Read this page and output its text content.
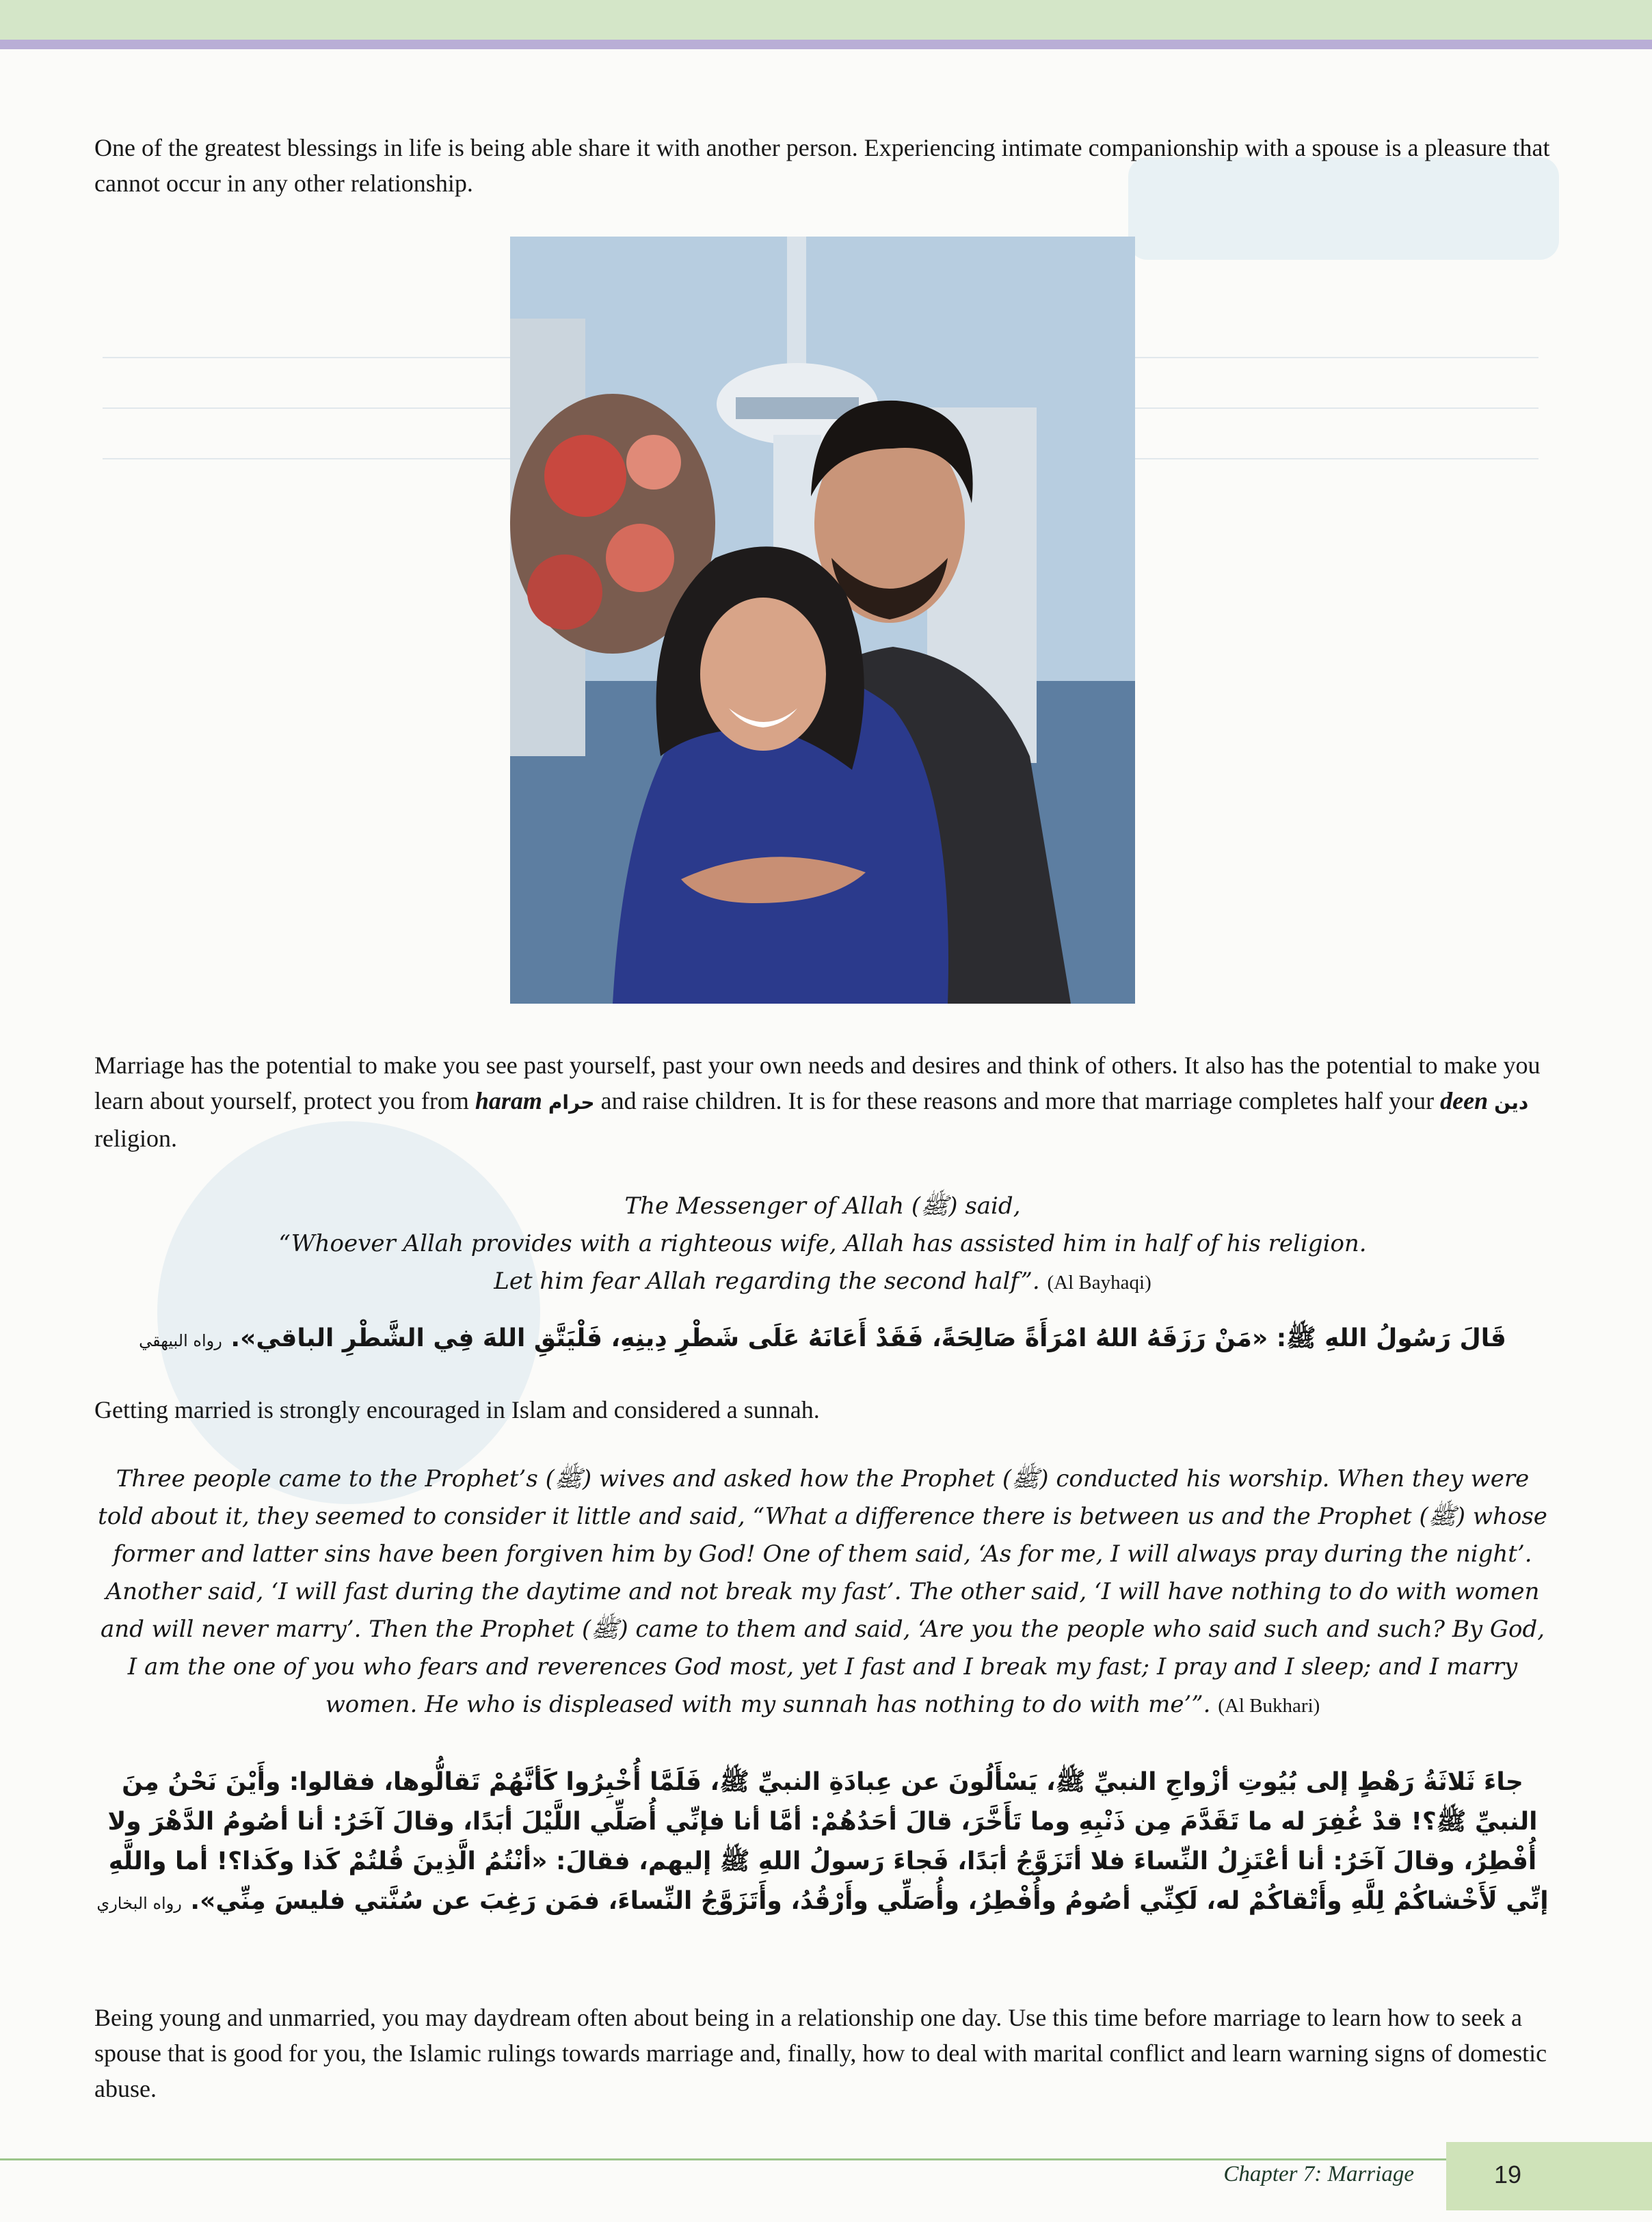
One of the greatest blessings in life is being able share it with another person. Experiencing intimate companionship with a spouse is a pleasure that cannot occur in any other relationship.
Marriage has the potential to make you see past yourself, past your own needs and desires and think of others. It also has the potential to make you learn about yourself, protect you from haram حرام and raise children. It is for these reasons and more that marriage completes half your deen دين religion.
The Messenger of Allah (ﷺ) said,
“Whoever Allah provides with a righteous wife, Allah has assisted him in half of his religion.
Let him fear Allah regarding the second half”. (Al Bayhaqi)
قَالَ رَسُولُ اللهِ ﷺ: «مَنْ رَزَقَهُ اللهُ امْرَأَةً صَالِحَةً، فَقَدْ أَعَانَهُ عَلَى شَطْرِ دِينِهِ، فَلْيَتَّقِ اللهَ فِي الشَّطْرِ الباقي». رواه البيهقي
Getting married is strongly encouraged in Islam and considered a sunnah.
Three people came to the Prophet’s (ﷺ) wives and asked how the Prophet (ﷺ) conducted his worship. When they were told about it, they seemed to consider it little and said, “What a difference there is between us and the Prophet (ﷺ) whose former and latter sins have been forgiven him by God! One of them said, ‘As for me, I will always pray during the night’. Another said, ‘I will fast during the daytime and not break my fast’. The other said, ‘I will have nothing to do with women and will never marry’. Then the Prophet (ﷺ) came to them and said, ‘Are you the people who said such and such? By God, I am the one of you who fears and reverences God most, yet I fast and I break my fast; I pray and I sleep; and I marry women. He who is displeased with my sunnah has nothing to do with me’”. (Al Bukhari)
جاءَ ثَلاثَةُ رَهْطٍ إلى بُيُوتِ أزْواجِ النبيِّ ﷺ، يَسْأَلُونَ عن عِبادَةِ النبيِّ ﷺ، فَلَمَّا أُخْبِرُوا كَأنَّهُمْ تَقالُّوها، فقالوا: وأَيْنَ نَحْنُ مِنَ النبيِّ ﷺ؟! قدْ غُفِرَ له ما تَقَدَّمَ مِن ذَنْبِهِ وما تَأَخَّرَ، قالَ أحَدُهُمْ: أمَّا أنا فإنِّي أُصَلِّي اللَّيْلَ أبَدًا، وقالَ آخَرُ: أنا أصُومُ الدَّهْرَ ولا أُفْطِرُ، وقالَ آخَرُ: أنا أعْتَزِلُ النِّساءَ فلا أتَزَوَّجُ أبَدًا، فَجاءَ رَسولُ اللهِ ﷺ إليهم، فقالَ: «أنْتُمُ الَّذِينَ قُلتُمْ كَذا وكَذا؟! أما واللَّهِ إنِّي لَأَخْشاكُمْ لِلَّهِ وأَتْقاكُمْ له، لَكِنِّي أصُومُ وأُفْطِرُ، وأُصَلِّي وأَرْقُدُ، وأَتَزَوَّجُ النِّساءَ، فمَن رَغِبَ عن سُنَّتي فليسَ مِنِّي». رواه البخاري
Being young and unmarried, you may daydream often about being in a relationship one day. Use this time before marriage to learn how to seek a spouse that is good for you, the Islamic rulings towards marriage and, finally, how to deal with marital conflict and learn warning signs of domestic abuse.
Chapter 7: Marriage	19
